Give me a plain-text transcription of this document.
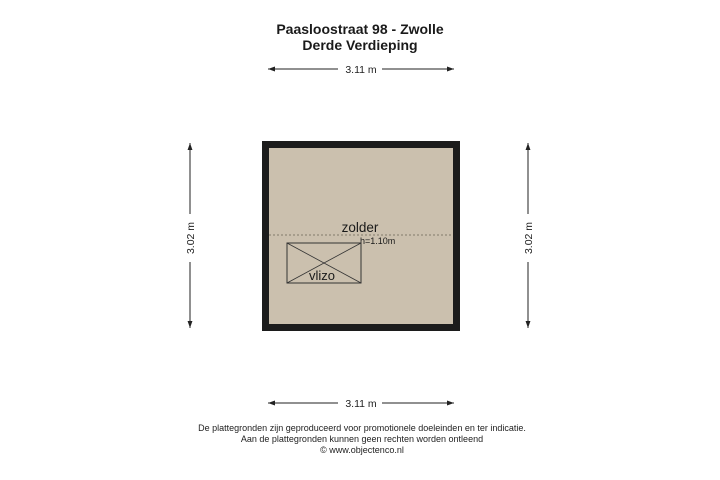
Paasloostraat 98 - Zwolle
Derde Verdieping
3.11 m
3.11 m
3.02 m	3.02 m
zolder
h=1.10m
vlizo
De plattegronden zijn geproduceerd voor promotionele doeleinden en ter indicatie.
Aan de plattegronden kunnen geen rechten worden ontleend
© www.objectenco.nl
